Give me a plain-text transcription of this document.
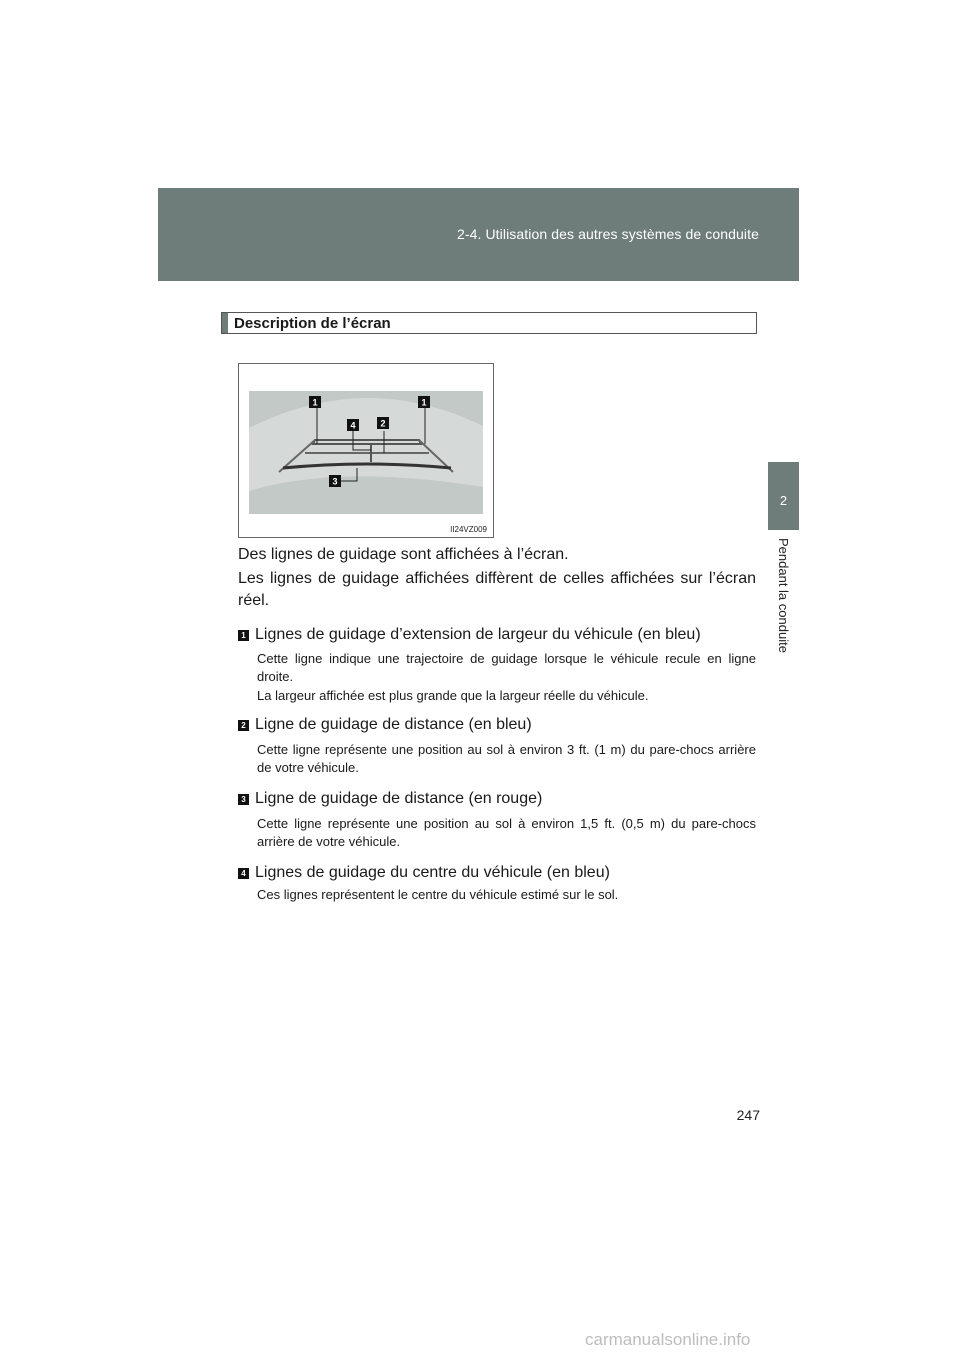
2-4. Utilisation des autres systèmes de conduite
2
Pendant la conduite
Description de l’écran
1	1
4	2
3
II24VZ009
Des lignes de guidage sont affichées à l’écran.
Les lignes de guidage affichées diffèrent de celles affichées sur l’écran réel.
1 Lignes de guidage d’extension de largeur du véhicule (en bleu)
Cette ligne indique une trajectoire de guidage lorsque le véhicule recule en ligne droite.
La largeur affichée est plus grande que la largeur réelle du véhicule.
2 Ligne de guidage de distance (en bleu)
Cette ligne représente une position au sol à environ 3 ft. (1 m) du pare-chocs arrière de votre véhicule.
3 Ligne de guidage de distance (en rouge)
Cette ligne représente une position au sol à environ 1,5 ft. (0,5 m) du pare-chocs arrière de votre véhicule.
4 Lignes de guidage du centre du véhicule (en bleu)
Ces lignes représentent le centre du véhicule estimé sur le sol.
247
carmanualsonline.info
